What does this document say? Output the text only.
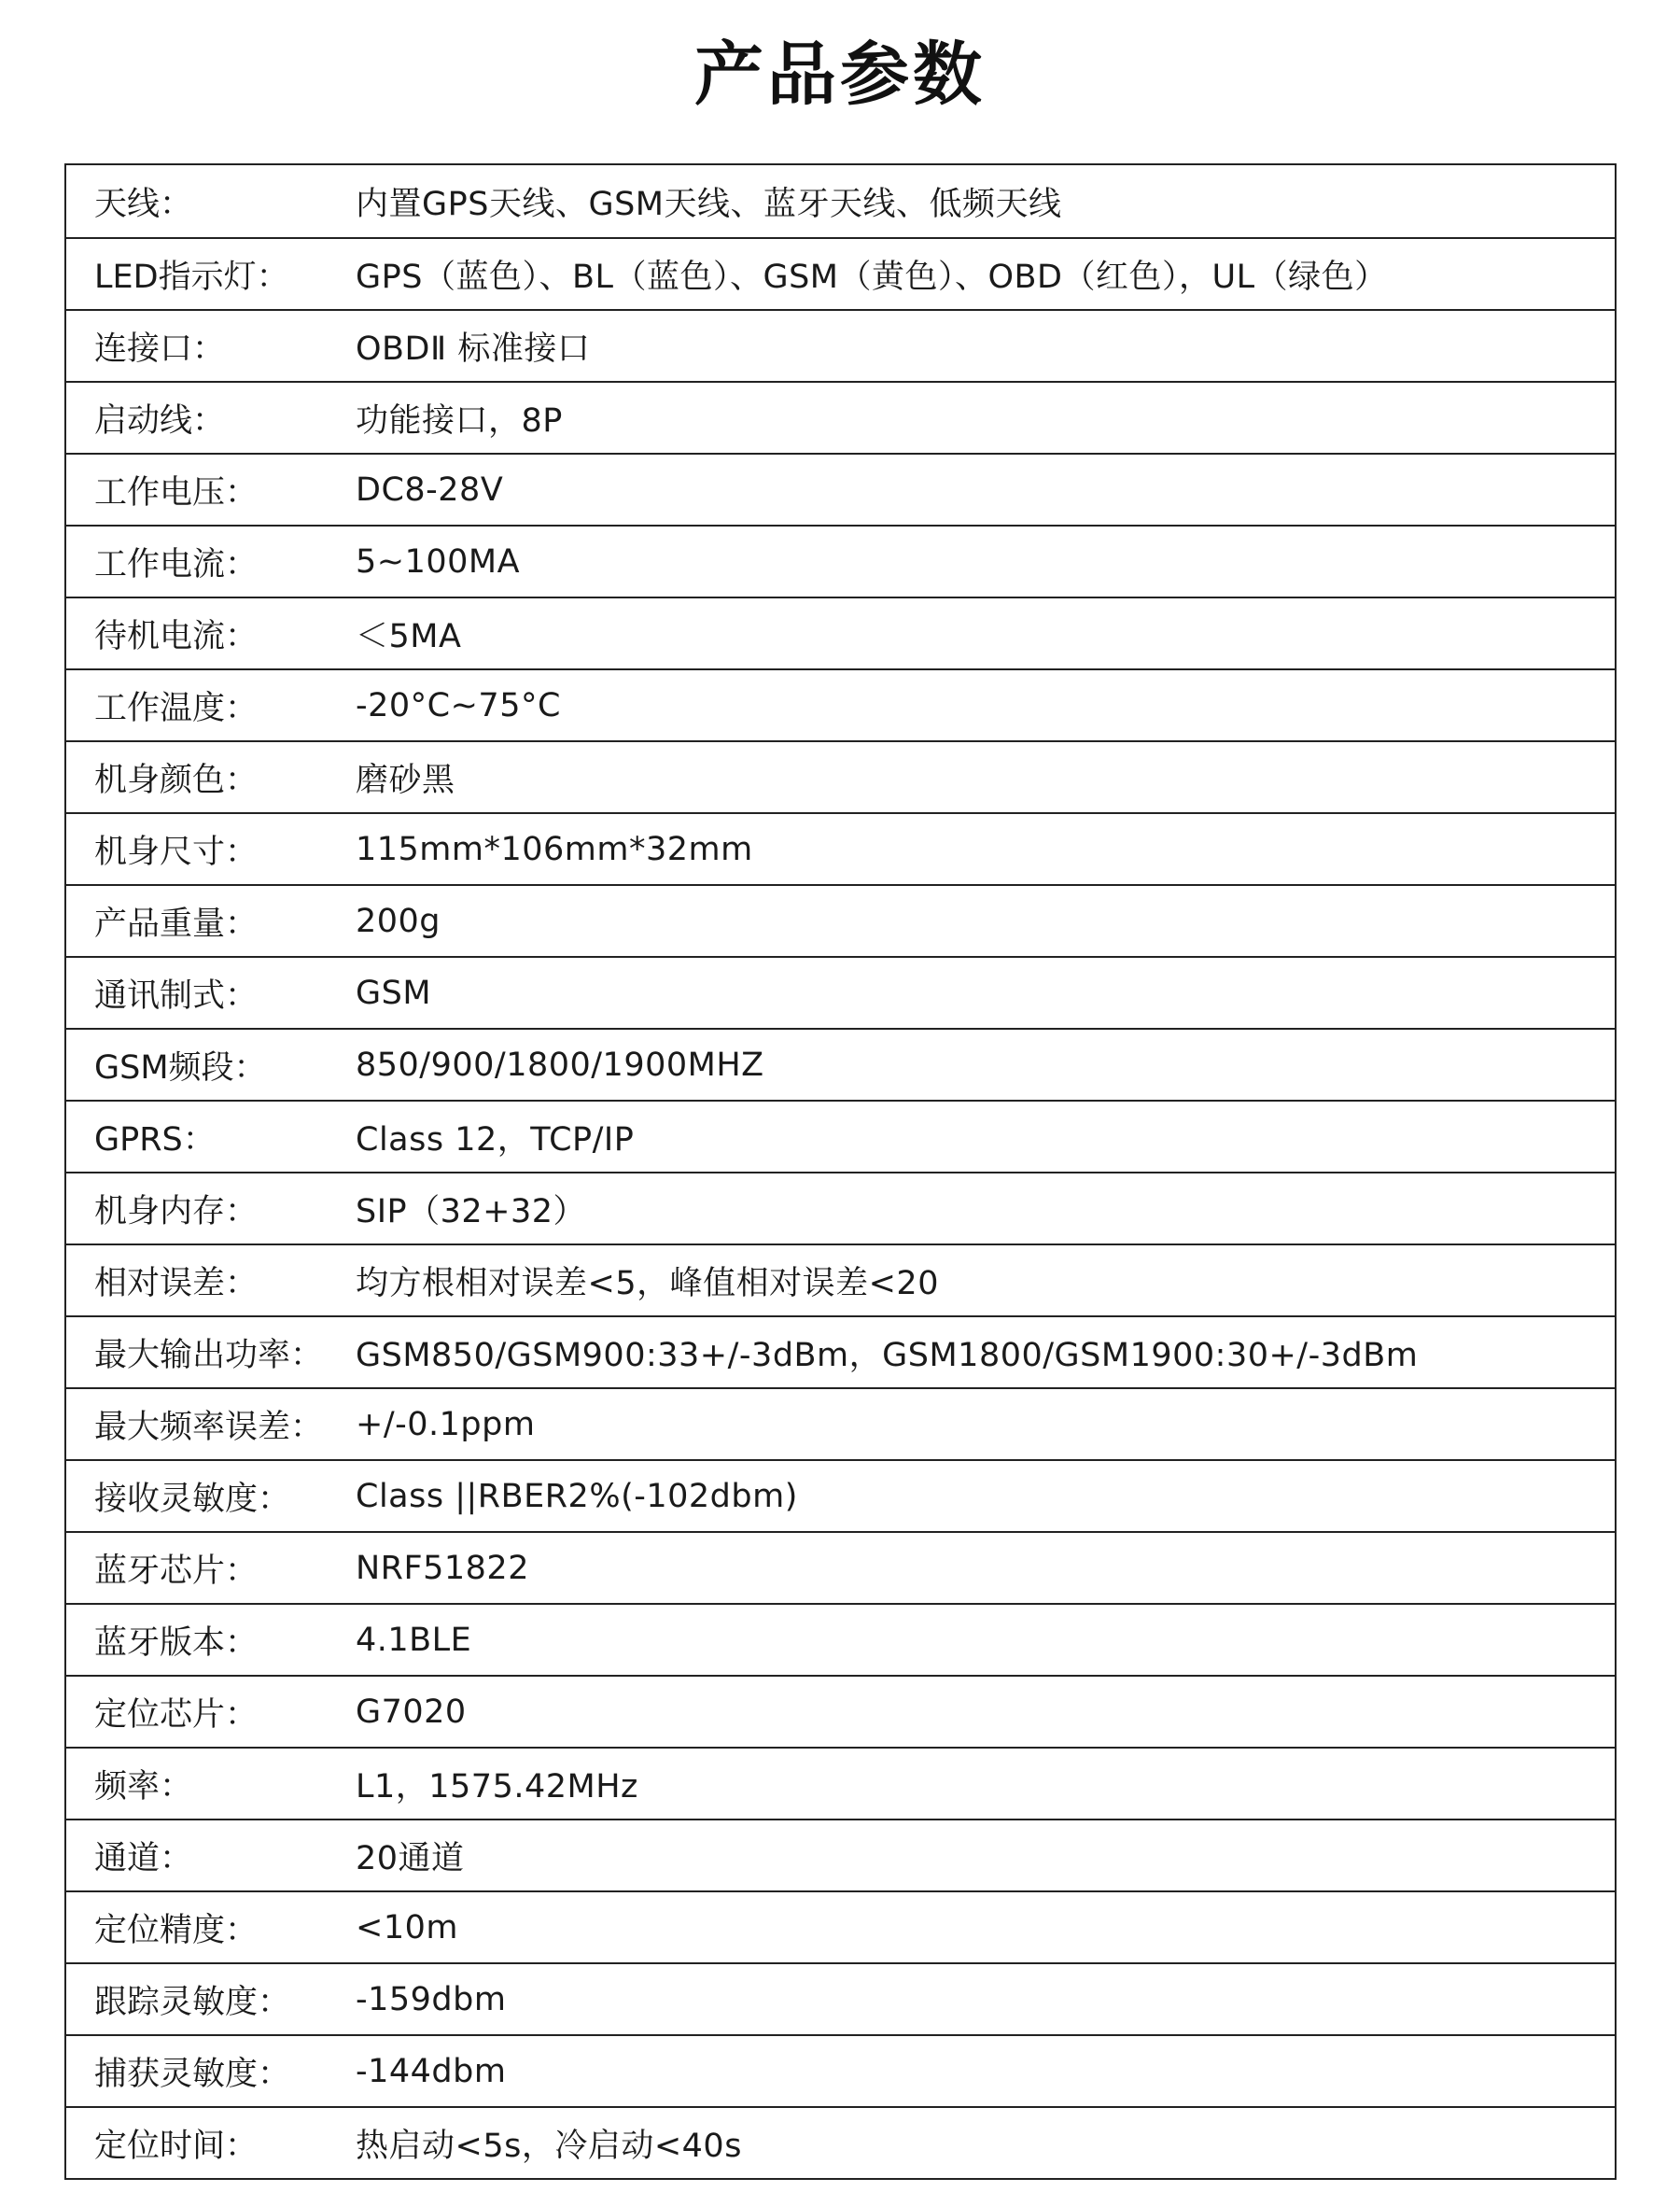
产品参数
天线：	内置GPS天线、GSM天线、蓝牙天线、低频天线
LED指示灯：	GPS（蓝色）、BL（蓝色）、GSM（黄色）、OBD（红色），UL（绿色）
连接口：	OBDⅡ 标准接口
启动线：	功能接口，8P
工作电压：	DC8-28V
工作电流：	5~100MA
待机电流：	＜5MA
工作温度：	-20°C~75°C
机身颜色：	磨砂黑
机身尺寸：	115mm*106mm*32mm
产品重量：	200g
通讯制式：	GSM
GSM频段：	850/900/1800/1900MHZ
GPRS：	Class 12，TCP/IP
机身内存：	SIP（32+32）
相对误差：	均方根相对误差<5，峰值相对误差<20
最大输出功率： GSM850/GSM900:33+/-3dBm，GSM1800/GSM1900:30+/-3dBm
最大频率误差： +/-0.1ppm
接收灵敏度：	Class ||RBER2%(-102dbm)
蓝牙芯片：	NRF51822
蓝牙版本：	4.1BLE
定位芯片：	G7020
频率：	L1，1575.42MHz
通道：	20通道
定位精度：	<10m
跟踪灵敏度：	-159dbm
捕获灵敏度：	-144dbm
定位时间：	热启动<5s，冷启动<40s
